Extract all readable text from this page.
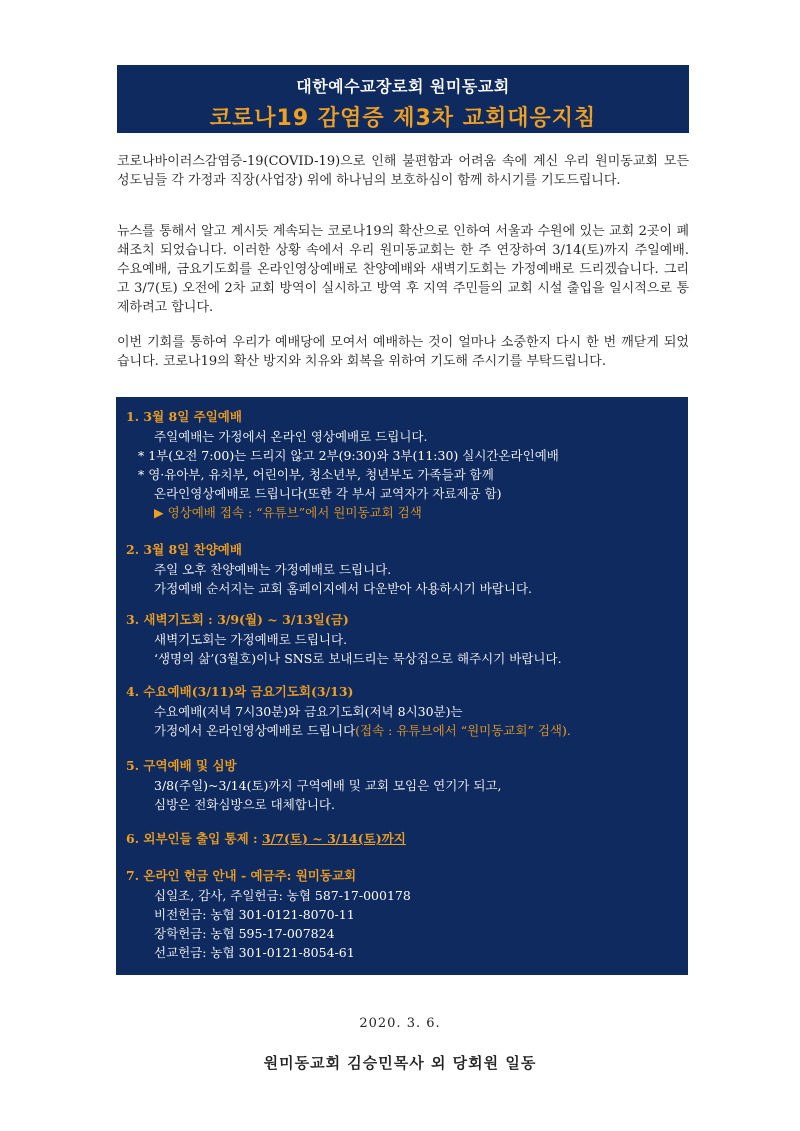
대한예수교장로회 원미동교회
코로나19 감염증 제3차 교회대응지침

코로나바이러스감염증-19(COVID-19)으로 인해 불편함과 어려움 속에 계신 우리 원미동교회 모든 성도님들 각 가정과 직장(사업장) 위에 하나님의 보호하심이 함께 하시기를 기도드립니다.

뉴스를 통해서 알고 계시듯 계속되는 코로나19의 확산으로 인하여 서울과 수원에 있는 교회 2곳이 폐쇄조치 되었습니다. 이러한 상황 속에서 우리 원미동교회는 한 주 연장하여 3/14(토)까지 주일예배. 수요예배, 금요기도회를 온라인영상예배로 찬양예배와 새벽기도회는 가정예배로 드리겠습니다. 그리고 3/7(토) 오전에 2차 교회 방역이 실시하고 방역 후 지역 주민들의 교회 시설 출입을 일시적으로 통제하려고 합니다.

이번 기회를 통하여 우리가 예배당에 모여서 예배하는 것이 얼마나 소중한지 다시 한 번 깨닫게 되었습니다. 코로나19의 확산 방지와 치유와 회복을 위하여 기도해 주시기를 부탁드립니다.

1. 3월 8일 주일예배
주일예배는 가정에서 온라인 영상예배로 드립니다.
* 1부(오전 7:00)는 드리지 않고 2부(9:30)와 3부(11:30) 실시간온라인예배
* 영·유아부, 유치부, 어린이부, 청소년부, 청년부도 가족들과 함께
온라인영상예배로 드립니다(또한 각 부서 교역자가 자료제공 함)
▶ 영상예배 접속 : “유튜브”에서 원미동교회 검색
2. 3월 8일 찬양예배
주일 오후 찬양예배는 가정예배로 드립니다.
가정예배 순서지는 교회 홈페이지에서 다운받아 사용하시기 바랍니다.
3. 새벽기도회 : 3/9(월) ~ 3/13일(금)
새벽기도회는 가정예배로 드립니다.
‘생명의 삶’(3월호)이나 SNS로 보내드리는 묵상집으로 해주시기 바랍니다.
4. 수요예배(3/11)와 금요기도회(3/13)
수요예배(저녁 7시30분)와 금요기도회(저녁 8시30분)는
가정에서 온라인영상예배로 드립니다(접속 : 유튜브에서 “원미동교회” 검색).
5. 구역예배 및 심방
3/8(주일)~3/14(토)까지 구역예배 및 교회 모임은 연기가 되고,
심방은 전화심방으로 대체합니다.
6. 외부인들 출입 통제 : 3/7(토) ~ 3/14(토)까지
7. 온라인 헌금 안내 - 예금주: 원미동교회
십일조, 감사, 주일헌금: 농협 587-17-000178
비전헌금: 농협 301-0121-8070-11
장학헌금: 농협 595-17-007824
선교헌금: 농협 301-0121-8054-61
2020. 3. 6.
원미동교회 김승민목사 외 당회원 일동
